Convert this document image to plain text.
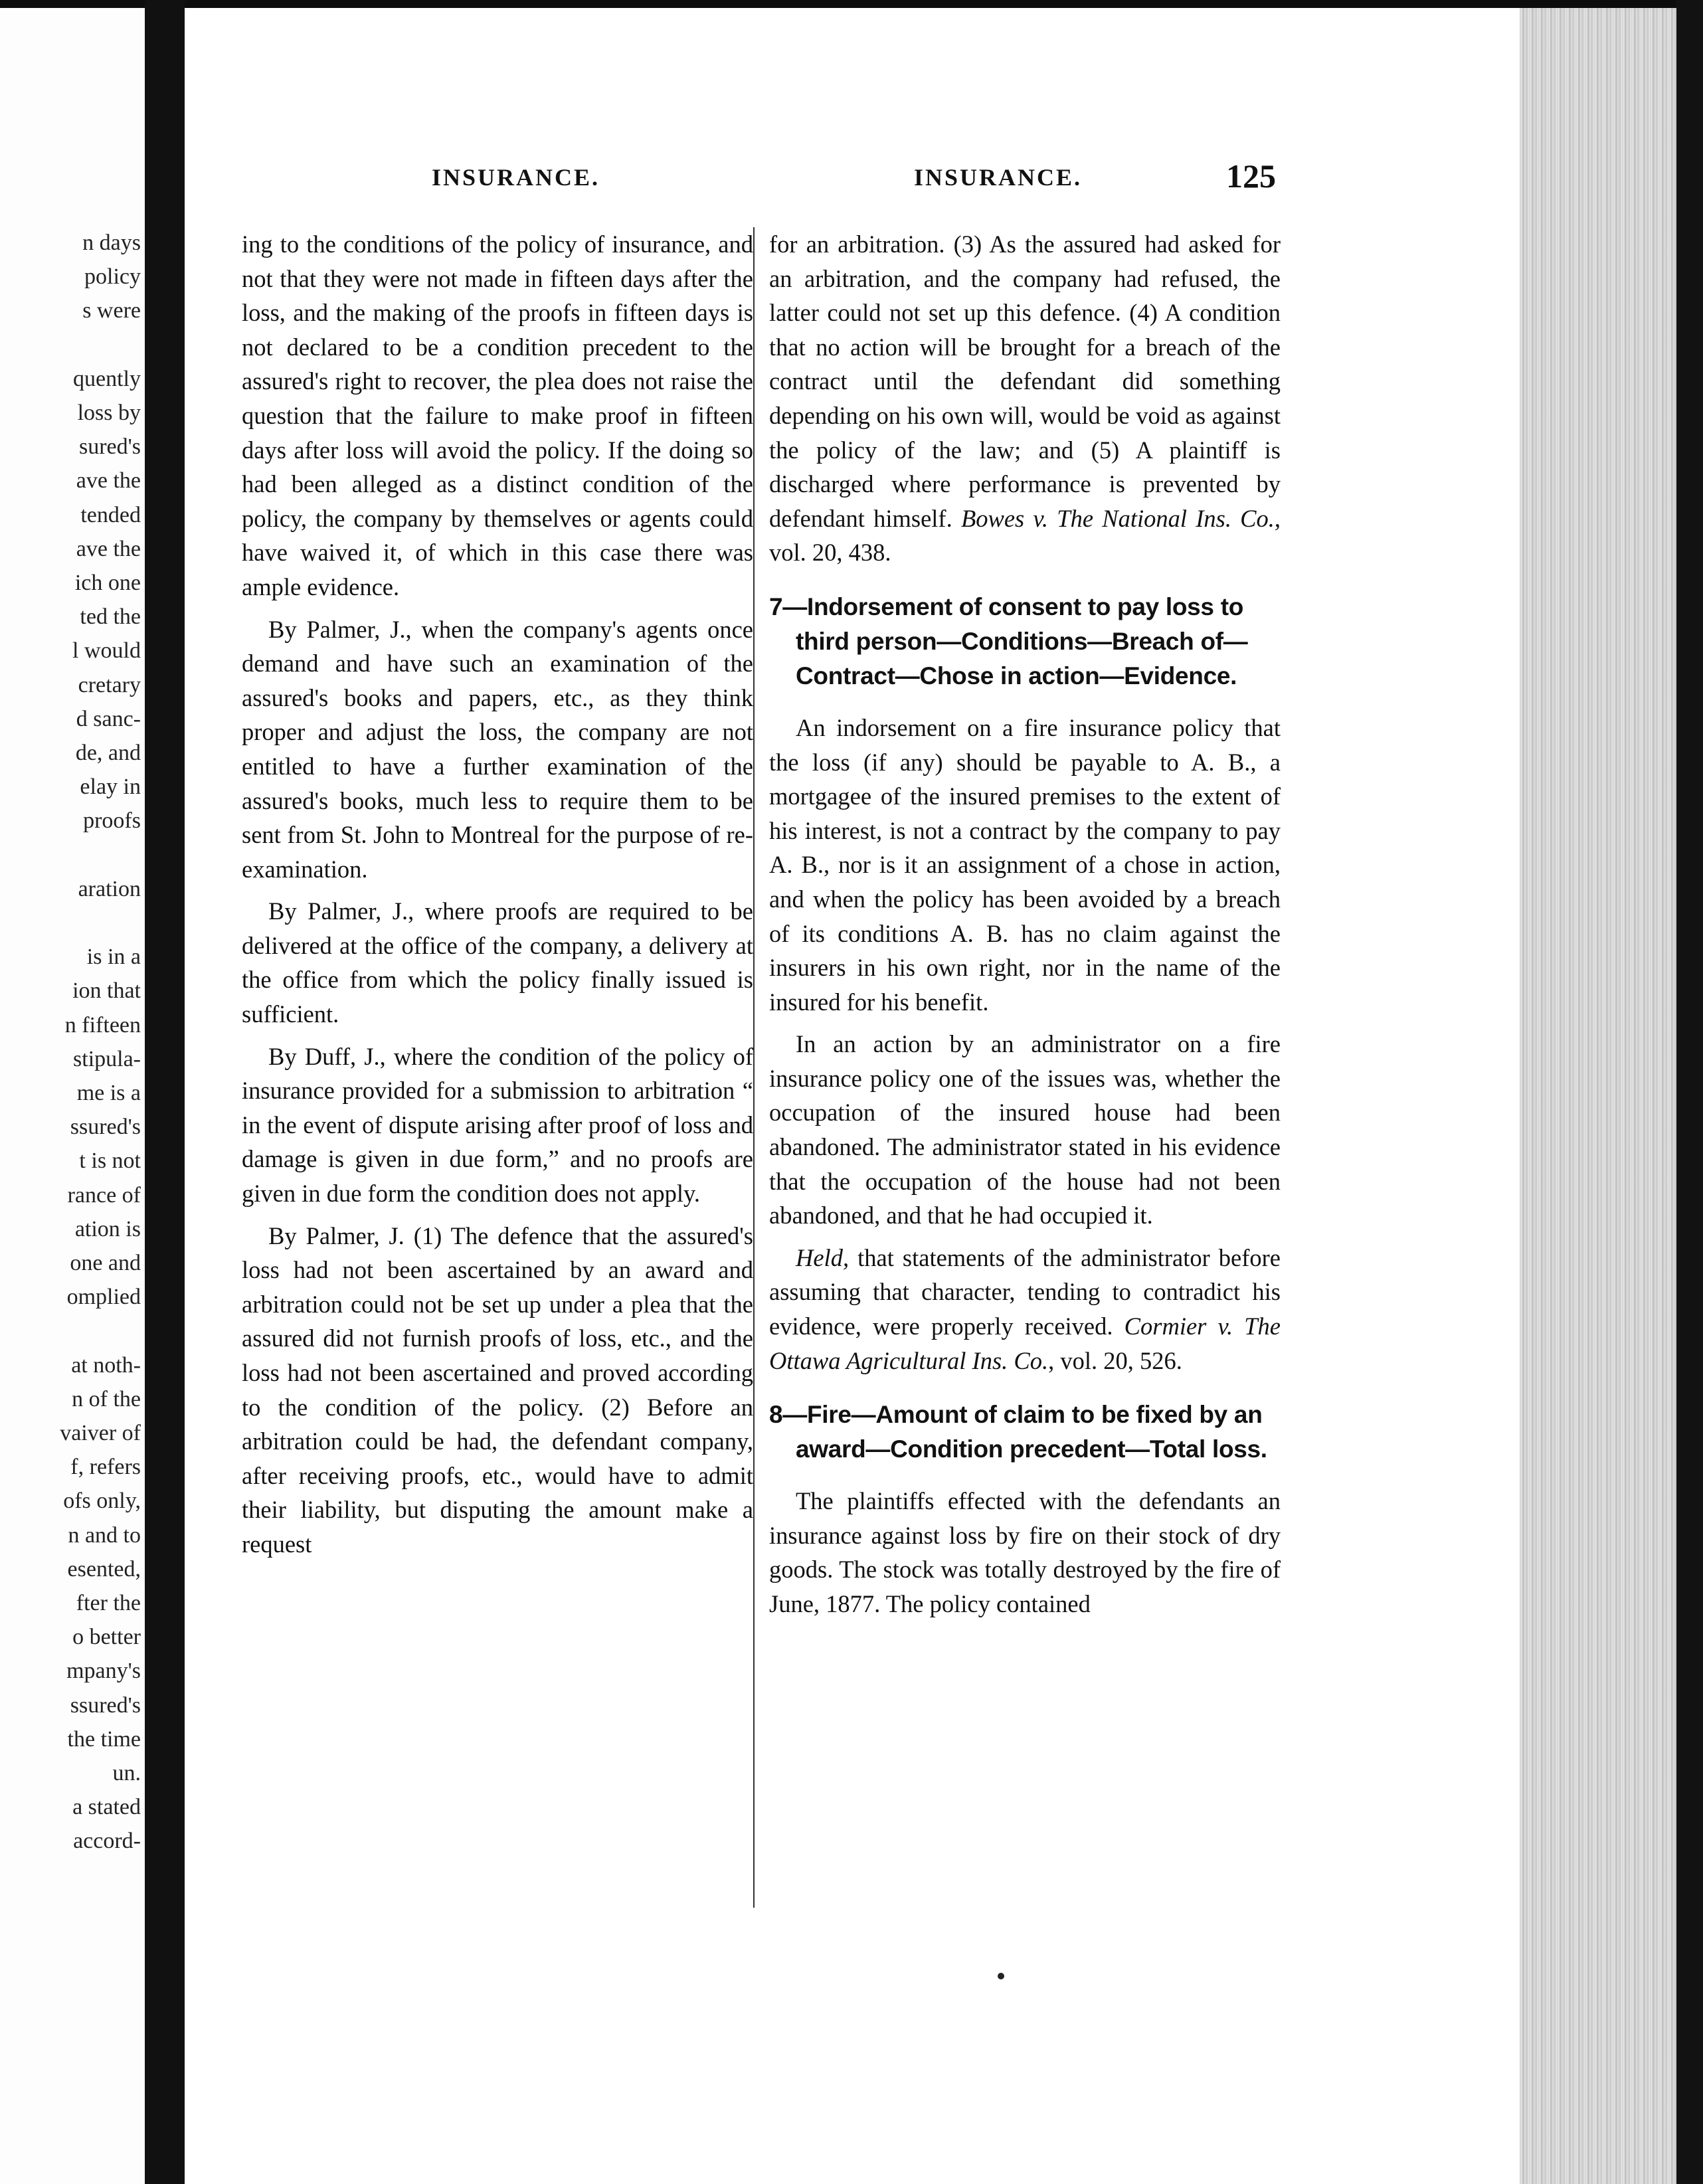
n days
policy
s were
quently
loss by
sured's
ave the
tended
ave the
ich one
ted the
l would
cretary
d sanc-
de, and
elay in
proofs
aration
is in a
ion that
n fifteen
stipula-
me is a
ssured's
t is not
rance of
ation is
one and
omplied
at noth-
n of the
vaiver of
f, refers
ofs only,
n and to
esented,
fter the
o better
mpany's
ssured's
the time
un.
a stated
accord-
INSURANCE.	INSURANCE.	125

ing to the conditions of the policy of insurance, and not that they were not made in fifteen days after the loss, and the making of the proofs in fifteen days is not declared to be a condition precedent to the assured's right to recover, the plea does not raise the question that the failure to make proof in fifteen days after loss will avoid the policy. If the doing so had been alleged as a distinct condition of the policy, the company by themselves or agents could have waived it, of which in this case there was ample evidence.

By Palmer, J., when the company's agents once demand and have such an examination of the assured's books and papers, etc., as they think proper and adjust the loss, the company are not entitled to have a further examination of the assured's books, much less to require them to be sent from St. John to Montreal for the purpose of re-examination.

By Palmer, J., where proofs are required to be delivered at the office of the company, a delivery at the office from which the policy finally issued is sufficient.

By Duff, J., where the condition of the policy of insurance provided for a submission to arbitration “ in the event of dispute arising after proof of loss and damage is given in due form,” and no proofs are given in due form the condition does not apply.

By Palmer, J. (1) The defence that the assured's loss had not been ascertained by an award and arbitration could not be set up under a plea that the assured did not furnish proofs of loss, etc., and the loss had not been ascertained and proved according to the condition of the policy. (2) Before an arbitration could be had, the defendant company, after receiving proofs, etc., would have to admit their liability, but disputing the amount make a request

for an arbitration. (3) As the assured had asked for an arbitration, and the company had refused, the latter could not set up this defence. (4) A condition that no action will be brought for a breach of the contract until the defendant did something depending on his own will, would be void as against the policy of the law; and (5) A plaintiff is discharged where performance is prevented by defendant himself. Bowes v. The National Ins. Co., vol. 20, 438.

7—Indorsement of consent to pay loss to third person—Conditions—Breach of—Contract—Chose in action—Evidence.

An indorsement on a fire insurance policy that the loss (if any) should be payable to A. B., a mortgagee of the insured premises to the extent of his interest, is not a contract by the company to pay A. B., nor is it an assignment of a chose in action, and when the policy has been avoided by a breach of its conditions A. B. has no claim against the insurers in his own right, nor in the name of the insured for his benefit.

In an action by an administrator on a fire insurance policy one of the issues was, whether the occupation of the insured house had been abandoned. The administrator stated in his evidence that the occupation of the house had not been abandoned, and that he had occupied it.

Held, that statements of the administrator before assuming that character, tending to contradict his evidence, were properly received. Cormier v. The Ottawa Agricultural Ins. Co., vol. 20, 526.

8—Fire—Amount of claim to be fixed by an award—Condition precedent—Total loss.

The plaintiffs effected with the defendants an insurance against loss by fire on their stock of dry goods. The stock was totally destroyed by the fire of June, 1877. The policy contained
